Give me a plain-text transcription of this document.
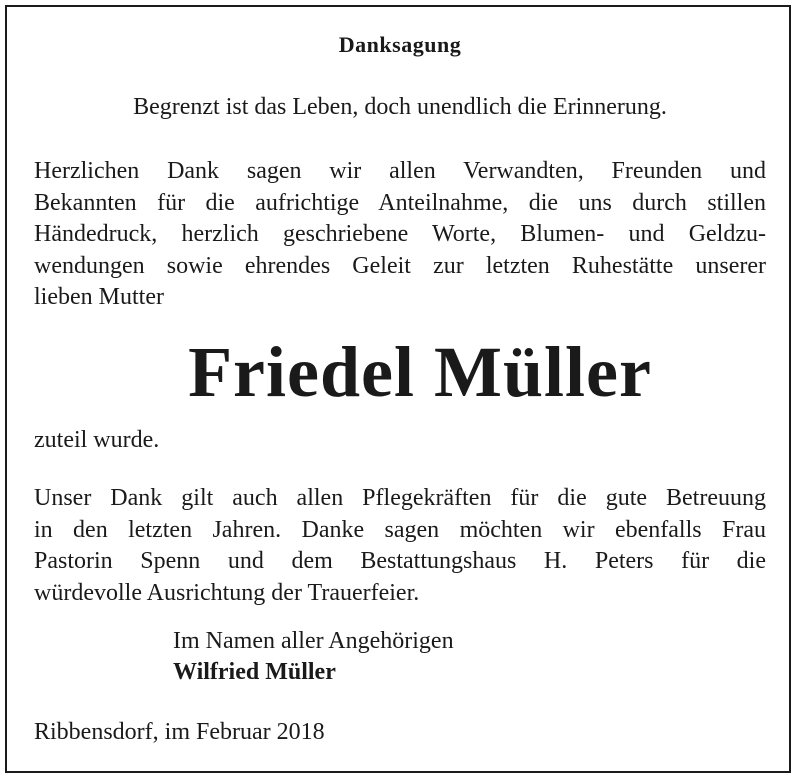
Danksagung
Begrenzt ist das Leben, doch unendlich die Erinnerung.
Herzlichen Dank sagen wir allen Verwandten, Freunden und
Bekannten für die aufrichtige Anteilnahme, die uns durch stillen
Händedruck, herzlich geschriebene Worte, Blumen- und Geldzu-
wendungen sowie ehrendes Geleit zur letzten Ruhestätte unserer
lieben Mutter
Friedel Müller
zuteil wurde.
Unser Dank gilt auch allen Pflegekräften für die gute Betreuung
in den letzten Jahren. Danke sagen möchten wir ebenfalls Frau
Pastorin Spenn und dem Bestattungshaus H. Peters für die
würdevolle Ausrichtung der Trauerfeier.
Im Namen aller Angehörigen
Wilfried Müller
Ribbensdorf, im Februar 2018
